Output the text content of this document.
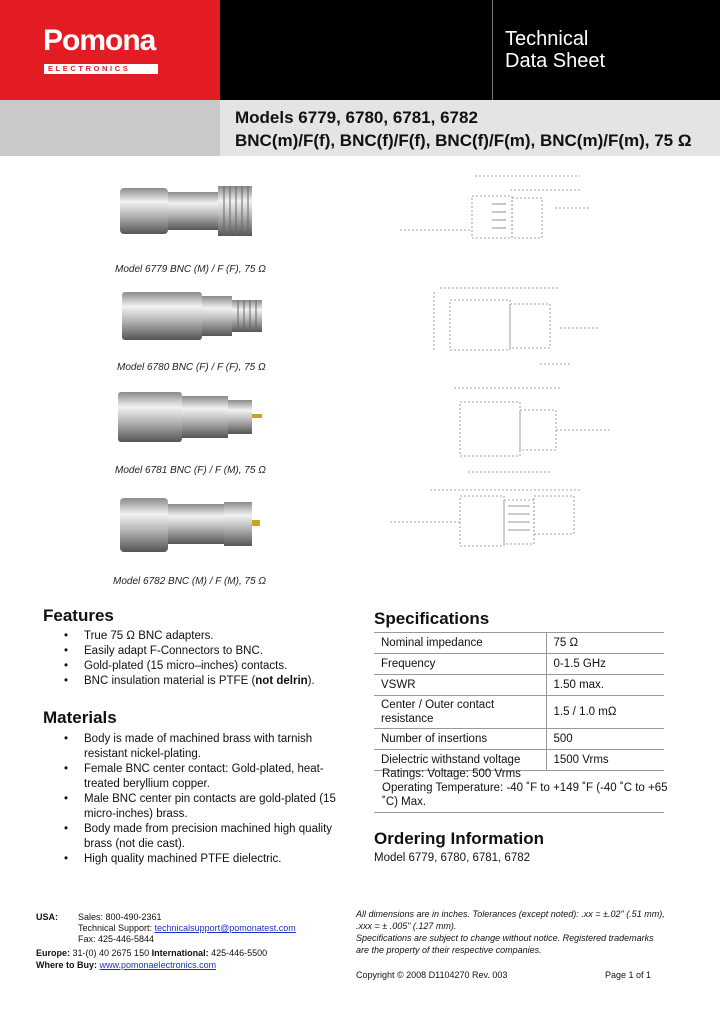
Pomona
ELECTRONICS
Technical
Data Sheet
Models 6779, 6780, 6781, 6782
BNC(m)/F(f), BNC(f)/F(f), BNC(f)/F(m), BNC(m)/F(m), 75 Ω
Model 6779 BNC (M) / F (F), 75 Ω
Model 6780 BNC (F) / F (F), 75 Ω
Model 6781 BNC (F) / F (M), 75 Ω
Model 6782 BNC (M) / F (M), 75 Ω
Features
• True 75 Ω BNC adapters.
• Easily adapt F-Connectors to BNC.
• Gold-plated (15 micro–inches) contacts.
• BNC insulation material is PTFE (not delrin).
Materials
• Body is made of machined brass with tarnish resistant nickel-plating.
• Female BNC center contact: Gold-plated, heat-treated beryllium copper.
• Male BNC center pin contacts are gold-plated (15 micro-inches) brass.
• Body made from precision machined high quality brass (not die cast).
• High quality machined PTFE dielectric.
Specifications
Nominal impedance	75 Ω
Frequency	0-1.5 GHz
VSWR	1.50 max.
Center / Outer contact resistance	1.5 / 1.0 mΩ
Number of insertions	500
Dielectric withstand voltage	1500 Vrms
Ratings: Voltage: 500 Vrms
Operating Temperature: -40 ˚F to +149 ˚F (-40 ˚C to +65 ˚C) Max.
Ordering Information
Model 6779, 6780, 6781, 6782
USA: Sales: 800-490-2361
Technical Support: technicalsupport@pomonatest.com
Fax: 425-446-5844
Europe: 31-(0) 40 2675 150 International: 425-446-5500
Where to Buy: www.pomonaelectronics.com
All dimensions are in inches. Tolerances (except noted): .xx = ±.02" (.51 mm),
.xxx = ± .005" (.127 mm).
Specifications are subject to change without notice. Registered trademarks
are the property of their respective companies.
Copyright © 2008 D1104270 Rev. 003	Page 1 of 1
